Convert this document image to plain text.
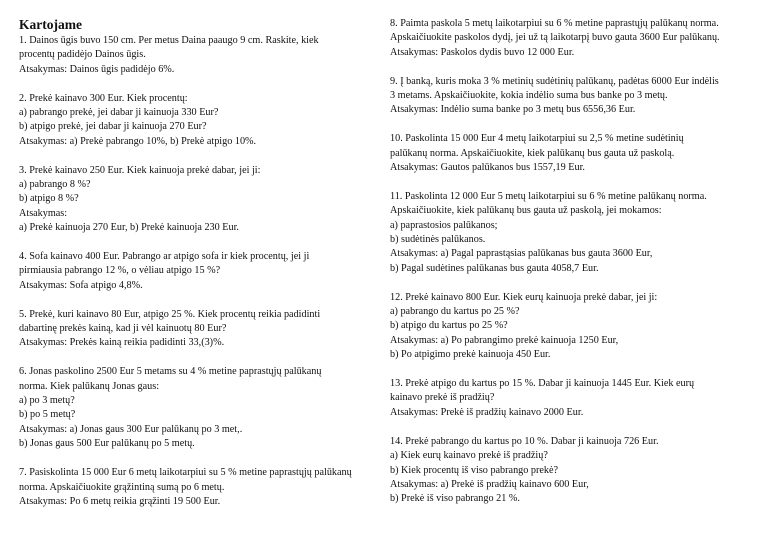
Kartojame
1. Dainos ūgis buvo 150 cm. Per metus Daina paaugo 9 cm. Raskite, kiek
procentų padidėjo Dainos ūgis.
Atsakymas: Dainos ūgis padidėjo 6%.
2. Prekė kainavo 300 Eur. Kiek procentų:
a) pabrango prekė, jei dabar ji kainuoja 330 Eur?
b) atpigo prekė, jei dabar ji kainuoja 270 Eur?
Atsakymas: a) Prekė pabrango 10%, b) Prekė atpigo 10%.
3. Prekė kainavo 250 Eur. Kiek kainuoja prekė dabar, jei ji:
a) pabrango 8 %?
b) atpigo 8 %?
Atsakymas:
a) Prekė kainuoja 270 Eur, b) Prekė kainuoja 230 Eur.
4. Sofa kainavo 400 Eur. Pabrango ar atpigo sofa ir kiek procentų, jei ji
pirmiausia pabrango 12 %, o vėliau atpigo 15 %?
Atsakymas: Sofa atpigo 4,8%.
5. Prekė, kuri kainavo 80 Eur, atpigo 25 %. Kiek procentų reikia padidinti
dabartinę prekės kainą, kad ji vėl kainuotų 80 Eur?
Atsakymas: Prekės kainą reikia padidinti 33,(3)%.
6. Jonas paskolino 2500 Eur 5 metams su 4 % metine paprastųjų palūkanų
norma. Kiek palūkanų Jonas gaus:
a) po 3 metų?
b) po 5 metų?
Atsakymas: a) Jonas gaus 300 Eur palūkanų po 3 met,.
b) Jonas gaus 500 Eur palūkanų po 5 metų.
7. Pasiskolinta 15 000 Eur 6 metų laikotarpiui su 5 % metine paprastųjų palūkanų
norma. Apskaičiuokite grąžintiną sumą po 6 metų.
Atsakymas: Po 6 metų reikia grąžinti 19 500 Eur.
8. Paimta paskola 5 metų laikotarpiui su 6 % metine paprastųjų palūkanų norma.
Apskaičiuokite paskolos dydį, jei už tą laikotarpį buvo gauta 3600 Eur palūkanų.
Atsakymas: Paskolos dydis buvo 12 000 Eur.
9. Į banką, kuris moka 3 % metinių sudėtinių palūkanų, padėtas 6000 Eur indėlis
3 metams. Apskaičiuokite, kokia indėlio suma bus banke po 3 metų.
Atsakymas: Indėlio suma banke po 3 metų bus 6556,36 Eur.
10. Paskolinta 15 000 Eur 4 metų laikotarpiui su 2,5 % metine sudėtinių
palūkanų norma. Apskaičiuokite, kiek palūkanų bus gauta už paskolą.
Atsakymas: Gautos palūkanos bus 1557,19 Eur.
11. Paskolinta 12 000 Eur 5 metų laikotarpiui su 6 % metine palūkanų norma.
Apskaičiuokite, kiek palūkanų bus gauta už paskolą, jei mokamos:
a) paprastosios palūkanos;
b) sudėtinės palūkanos.
Atsakymas: a) Pagal paprastąsias palūkanas bus gauta 3600 Eur,
b) Pagal sudėtines palūkanas bus gauta 4058,7 Eur.
12. Prekė kainavo 800 Eur. Kiek eurų kainuoja prekė dabar, jei ji:
a) pabrango du kartus po 25 %?
b) atpigo du kartus po 25 %?
Atsakymas: a) Po pabrangimo prekė kainuoja 1250 Eur,
b) Po atpigimo prekė kainuoja 450 Eur.
13. Prekė atpigo du kartus po 15 %. Dabar ji kainuoja 1445 Eur. Kiek eurų
kainavo prekė iš pradžių?
Atsakymas: Prekė iš pradžių kainavo 2000 Eur.
14. Prekė pabrango du kartus po 10 %. Dabar ji kainuoja 726 Eur.
a) Kiek eurų kainavo prekė iš pradžių?
b) Kiek procentų iš viso pabrango prekė?
Atsakymas: a) Prekė iš pradžių kainavo 600 Eur,
b) Prekė iš viso pabrango 21 %.
